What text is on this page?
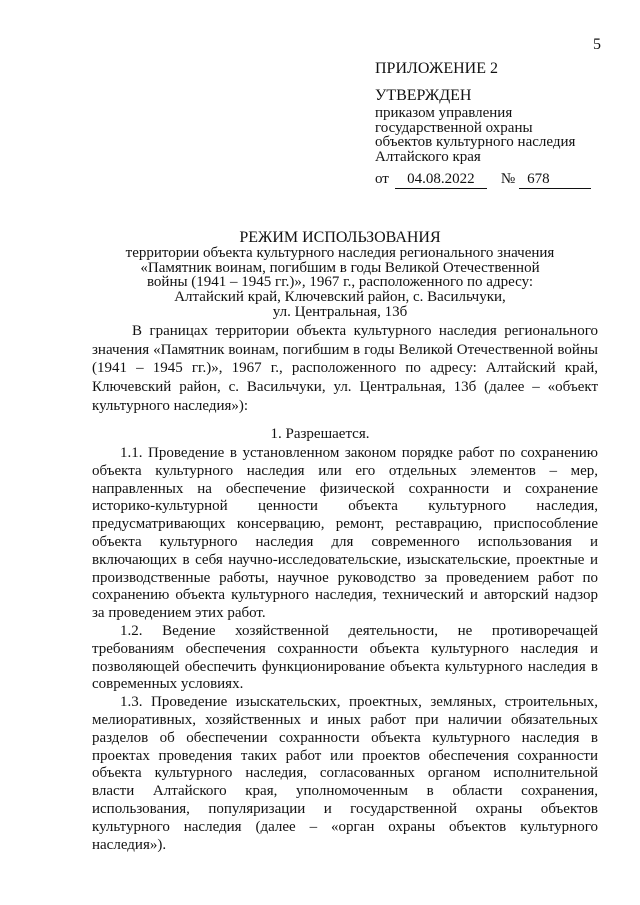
5
ПРИЛОЖЕНИЕ 2
УТВЕРЖДЕН
приказом управления
государственной охраны
объектов культурного наследия
Алтайского края
от 04.08.2022 № 678
РЕЖИМ ИСПОЛЬЗОВАНИЯ
территории объекта культурного наследия регионального значения
«Памятник воинам, погибшим в годы Великой Отечественной
войны (1941 – 1945 гг.)», 1967 г., расположенного по адресу:
Алтайский край, Ключевский район, с. Васильчуки,
ул. Центральная, 13б

В границах территории объекта культурного наследия регионального значения «Памятник воинам, погибшим в годы Великой Отечественной войны (1941 – 1945 гг.)», 1967 г., расположенного по адресу: Алтайский край, Ключевский район, с. Васильчуки, ул. Центральная, 13б (далее – «объект культурного наследия»):

1. Разрешается.

1.1. Проведение в установленном законом порядке работ по сохранению объекта культурного наследия или его отдельных элементов – мер, направленных на обеспечение физической сохранности и сохранение историко-культурной ценности объекта культурного наследия, предусматривающих консервацию, ремонт, реставрацию, приспособление объекта культурного наследия для современного использования и включающих в себя научно-исследовательские, изыскательские, проектные и производственные работы, научное руководство за проведением работ по сохранению объекта культурного наследия, технический и авторский надзор за проведением этих работ.

1.2. Ведение хозяйственной деятельности, не противоречащей требованиям обеспечения сохранности объекта культурного наследия и позволяющей обеспечить функционирование объекта культурного наследия в современных условиях.

1.3. Проведение изыскательских, проектных, земляных, строительных, мелиоративных, хозяйственных и иных работ при наличии обязательных разделов об обеспечении сохранности объекта культурного наследия в проектах проведения таких работ или проектов обеспечения сохранности объекта культурного наследия, согласованных органом исполнительной власти Алтайского края, уполномоченным в области сохранения, использования, популяризации и государственной охраны объектов культурного наследия (далее – «орган охраны объектов культурного наследия»).
